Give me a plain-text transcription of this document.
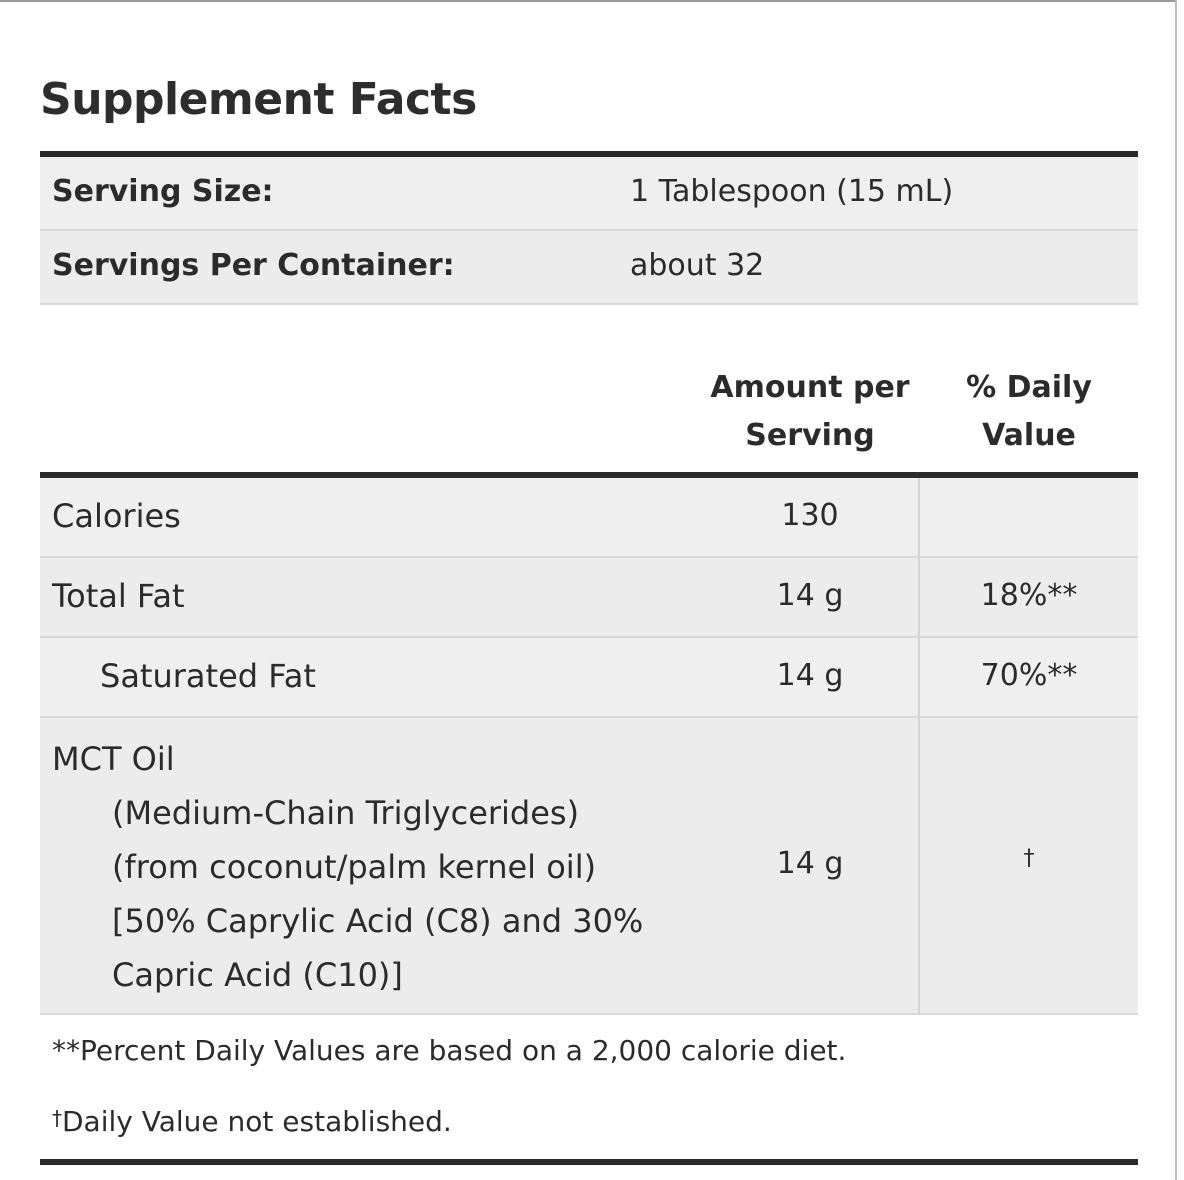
Supplement Facts
Serving Size:	1 Tablespoon (15 mL)
Servings Per Container:	about 32
Amount per
Serving
% Daily
Value
Calories	130
Total Fat	14 g	18%**
Saturated Fat	14 g	70%**
MCT Oil
(Medium-Chain Triglycerides)
(from coconut/palm kernel oil)
[50% Caprylic Acid (C8) and 30%
Capric Acid (C10)]
14 g	†
**Percent Daily Values are based on a 2,000 calorie diet.
†Daily Value not established.
